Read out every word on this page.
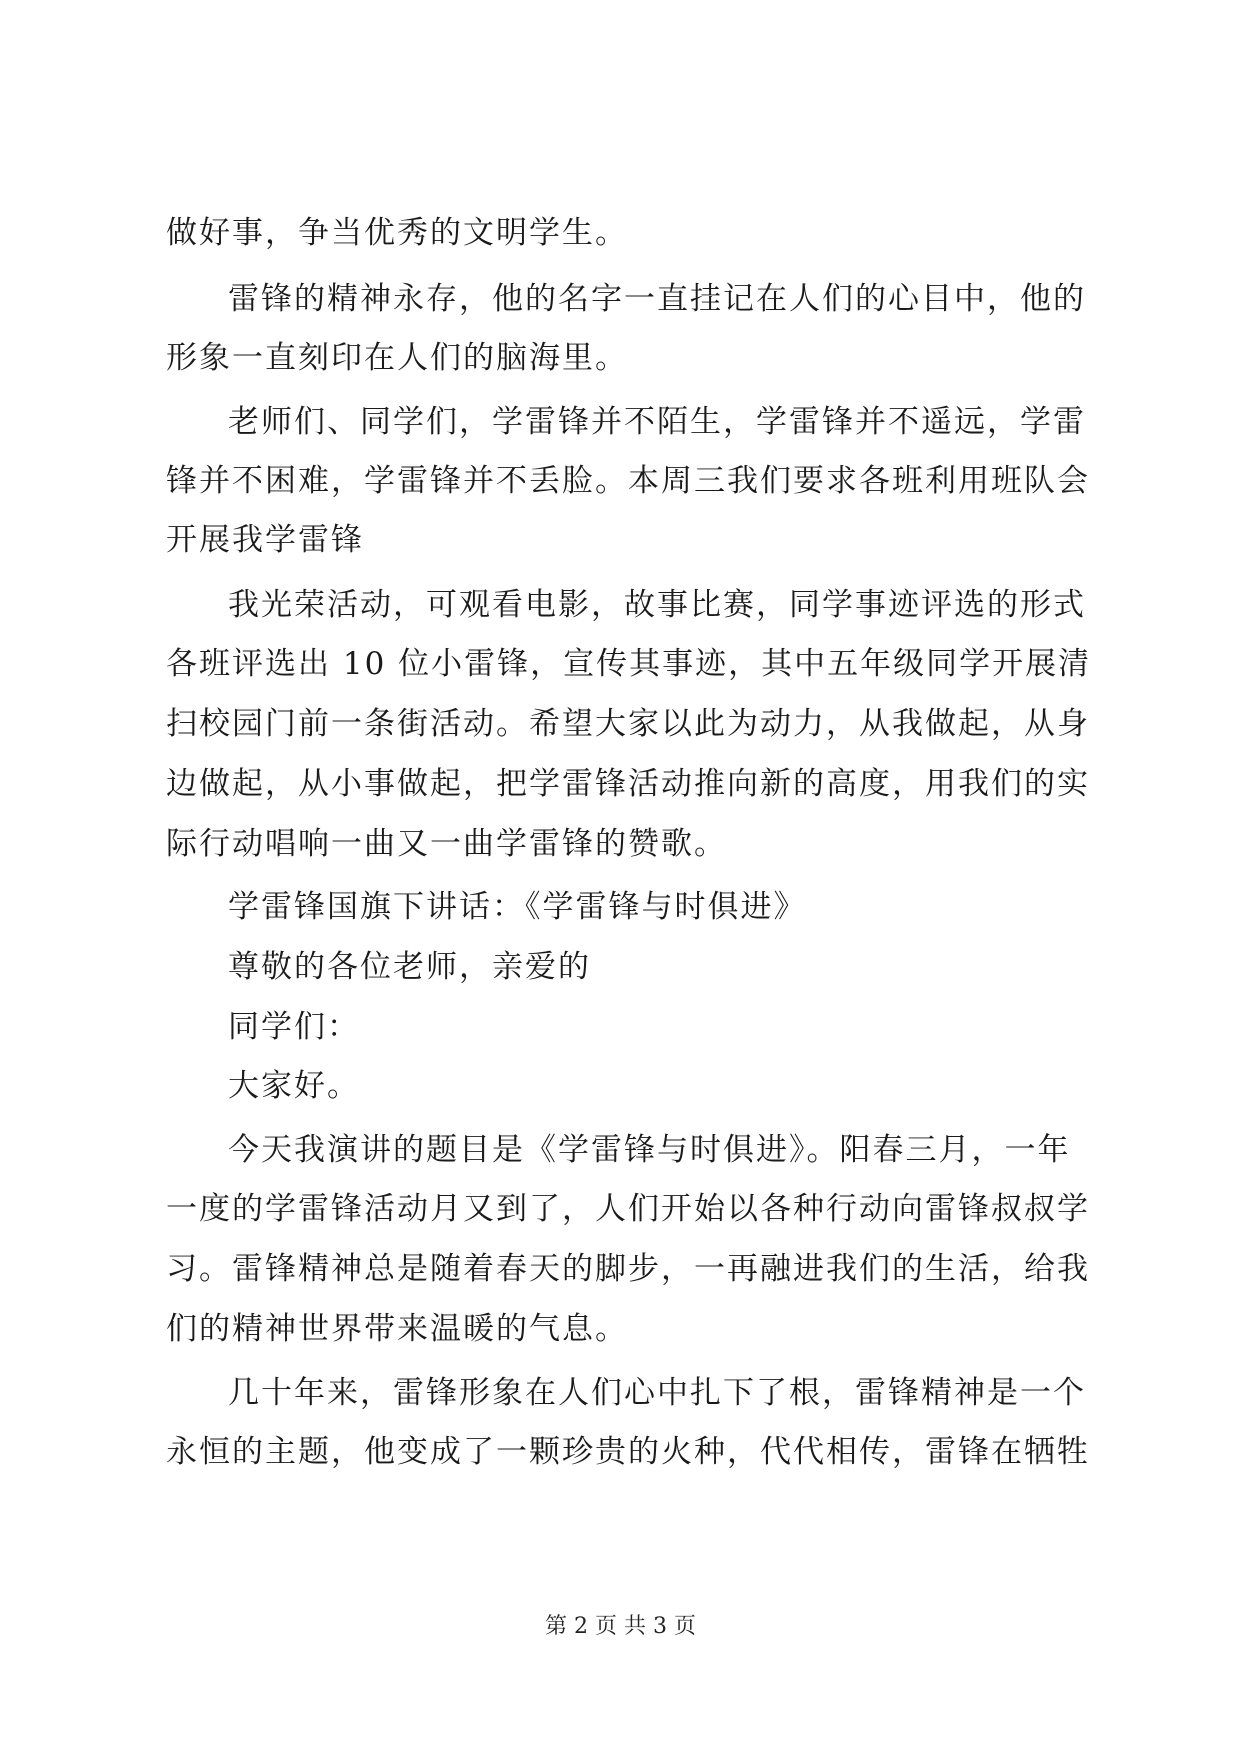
做好事，争当优秀的文明学生。
雷锋的精神永存，他的名字一直挂记在人们的心目中，他的
形象一直刻印在人们的脑海里。
老师们、同学们，学雷锋并不陌生，学雷锋并不遥远，学雷
锋并不困难，学雷锋并不丢脸。本周三我们要求各班利用班队会
开展我学雷锋
我光荣活动，可观看电影，故事比赛，同学事迹评选的形式
各班评选出 10 位小雷锋，宣传其事迹，其中五年级同学开展清
扫校园门前一条街活动。希望大家以此为动力，从我做起，从身
边做起，从小事做起，把学雷锋活动推向新的高度，用我们的实
际行动唱响一曲又一曲学雷锋的赞歌。
学雷锋国旗下讲话：《学雷锋与时俱进》
尊敬的各位老师，亲爱的
同学们：
大家好。
今天我演讲的题目是《学雷锋与时俱进》。阳春三月，一年
一度的学雷锋活动月又到了，人们开始以各种行动向雷锋叔叔学
习。雷锋精神总是随着春天的脚步，一再融进我们的生活，给我
们的精神世界带来温暖的气息。
几十年来，雷锋形象在人们心中扎下了根，雷锋精神是一个
永恒的主题，他变成了一颗珍贵的火种，代代相传，雷锋在牺牲
第 2 页 共 3 页
